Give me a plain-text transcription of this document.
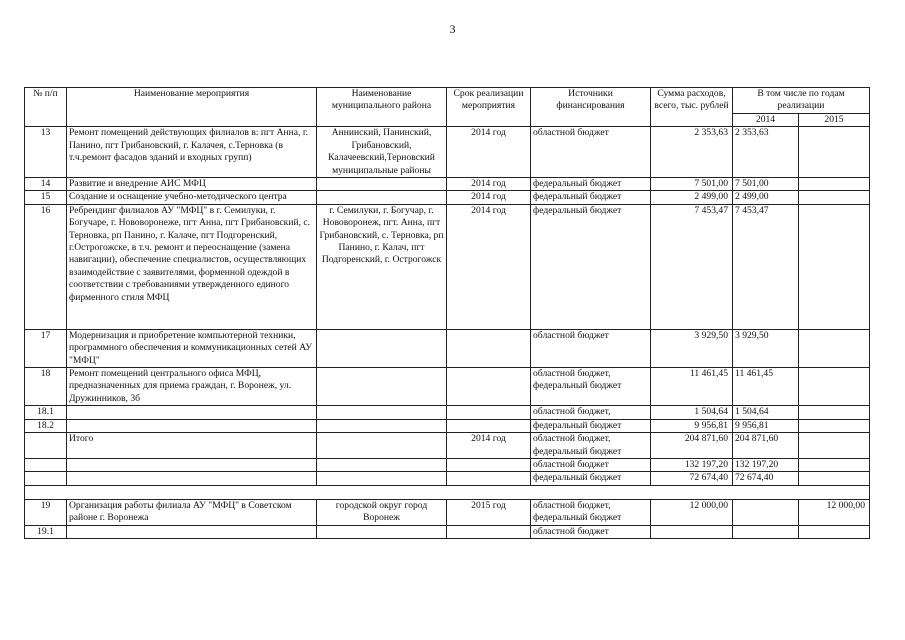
3
№ п/п	Наименование мероприятия	Наименование муниципального района	Срок реализации мероприятия	Источники финансирования	Сумма расходов, всего, тыс. рублей	В том числе по годам реализации	
						2014	2015
13	Ремонт помещений действующих филиалов в: пгт Анна, г. Панино, пгт Грибановский, г. Калачея, с.Терновка (в т.ч.ремонт фасадов зданий и входных групп)	Аннинский, Панинский, Грибановский, Калачеевский,Терновский муниципальные районы	2014 год	областной бюджет	2 353,63	2 353,63	
14	Развитие и внедрение АИС МФЦ		2014 год	федеральный бюджет	7 501,00	7 501,00	
15	Создание и оснащение учебно-методического центра		2014 год	федеральный бюджет	2 499,00	2 499,00	
16	Ребрендинг филиалов АУ "МФЦ" в г. Семилуки, г. Богучаре, г. Нововоронеже, пгт Анна, пгт Грибановский, с. Терновка, рп Панино, г. Калаче, пгт Подгоренский, г.Острогожске, в т.ч. ремонт и переоснащение (замена навигации), обеспечение специалистов, осуществляющих взаимодействие с заявителями, форменной одеждой в соответствии с требованиями утвержденного единого фирменного стиля МФЦ	г. Семилуки, г. Богучар, г. Нововоронеж, пгт. Анна, пгт Грибановский, с. Терновка, рп Панино, г. Калач, пгт Подгоренский, г. Острогожск	2014 год	федеральный бюджет	7 453,47	7 453,47	
17	Модернизация и приобретение компьютерной техники, программного обеспечения и коммуникационных сетей АУ "МФЦ"			областной бюджет	3 929,50	3 929,50	
18	Ремонт помещений центрального офиса МФЦ, предназначенных для приема граждан, г. Воронеж, ул. Дружинников, 3б			областной бюджет, федеральный бюджет	11 461,45	11 461,45	
18.1				областной бюджет,	1 504,64	1 504,64	
18.2				федеральный бюджет	9 956,81	9 956,81	
	Итого		2014 год	областной бюджет, федеральный бюджет	204 871,60	204 871,60	
				областной бюджет	132 197,20	132 197,20	
				федеральный бюджет	72 674,40	72 674,40	

19	Организация работы филиала АУ "МФЦ" в Советском районе г. Воронежа	городской округ город Воронеж	2015 год	областной бюджет, федеральный бюджет	12 000,00		12 000,00
19.1				областной бюджет			
